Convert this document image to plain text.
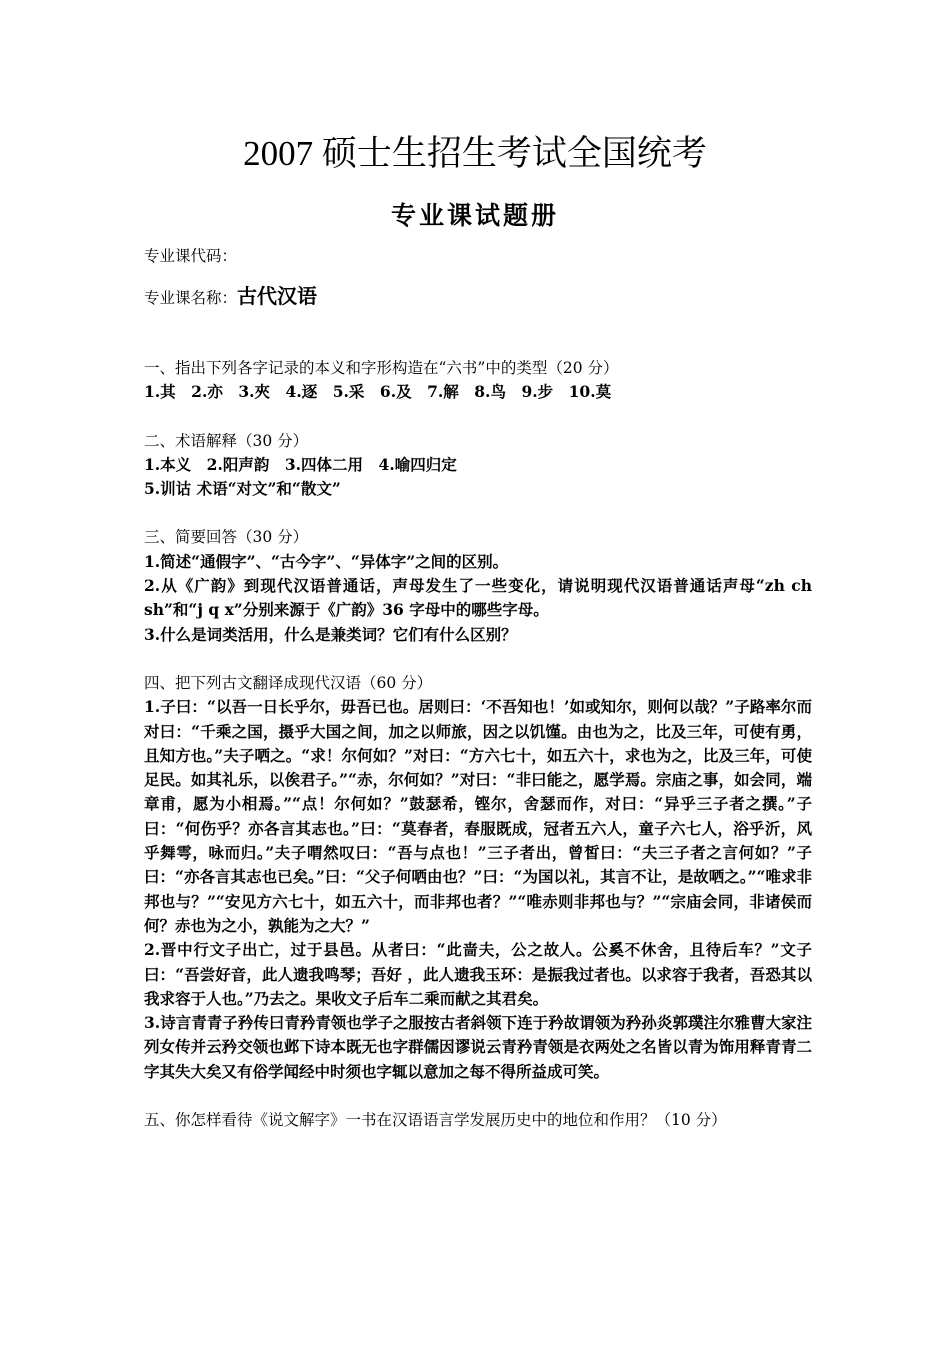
2007 硕士生招生考试全国统考
专业课试题册

专业课代码：

专业课名称：古代汉语

一、指出下列各字记录的本义和字形构造在“六书”中的类型（20 分）

1.其　2.亦　3.夾　4.逐　5.采　6.及　7.解　8.鸟　9.步　10.莫

二、术语解释（30 分）

1.本义　2.阳声韵　3.四体二用　4.喻四归定

5.训诂 术语“对文”和“散文”

三、简要回答（30 分）

1.简述“通假字”、“古今字”、“异体字”之间的区别。

2.从《广韵》到现代汉语普通话，声母发生了一些变化，请说明现代汉语普通话声母“zh ch sh”和“j q x”分别来源于《广韵》36 字母中的哪些字母。

3.什么是词类活用，什么是兼类词？它们有什么区别？

四、把下列古文翻译成现代汉语（60 分）

1.子曰：“以吾一日长乎尔，毋吾已也。居则曰：‘不吾知也！’如或知尔，则何以哉？”子路率尔而对曰：“千乘之国，摄乎大国之间，加之以师旅，因之以饥馑。由也为之，比及三年，可使有勇，且知方也。”夫子哂之。“求！尔何如？”对曰：“方六七十，如五六十，求也为之，比及三年，可使足民。如其礼乐，以俟君子。”“赤，尔何如？”对曰：“非曰能之，愿学焉。宗庙之事，如会同，端章甫，愿为小相焉。”“点！尔何如？”鼓瑟希，铿尔，舍瑟而作，对曰：“异乎三子者之撰。”子曰：“何伤乎？亦各言其志也。”曰：“莫春者，春服既成，冠者五六人，童子六七人，浴乎沂，风乎舞雩，咏而归。”夫子喟然叹曰：“吾与点也！”三子者出，曾皙曰：“夫三子者之言何如？”子曰：“亦各言其志也已矣。”曰：“父子何哂由也？”曰：“为国以礼，其言不让，是故哂之。”“唯求非邦也与？”“安见方六七十，如五六十，而非邦也者？”“唯赤则非邦也与？”“宗庙会同，非诸侯而何？赤也为之小，孰能为之大？”

2.晋中行文子出亡，过于县邑。从者曰：“此啬夫，公之故人。公奚不休舍，且待后车？”文子曰：“吾尝好音，此人遗我鸣琴；吾好 ，此人遗我玉环：是振我过者也。以求容于我者，吾恐其以我求容于人也。”乃去之。果收文子后车二乘而献之其君矣。

3.诗言青青子矜传曰青矜青领也学子之服按古者斜领下连于矜故谓领为矜孙炎郭璞注尔雅曹大家注列女传并云矜交领也邺下诗本既无也字群儒因谬说云青矜青领是衣两处之名皆以青为饰用释青青二字其失大矣又有俗学闻经中时须也字辄以意加之每不得所益成可笑。

五、你怎样看待《说文解字》一书在汉语语言学发展历史中的地位和作用？（10 分）
